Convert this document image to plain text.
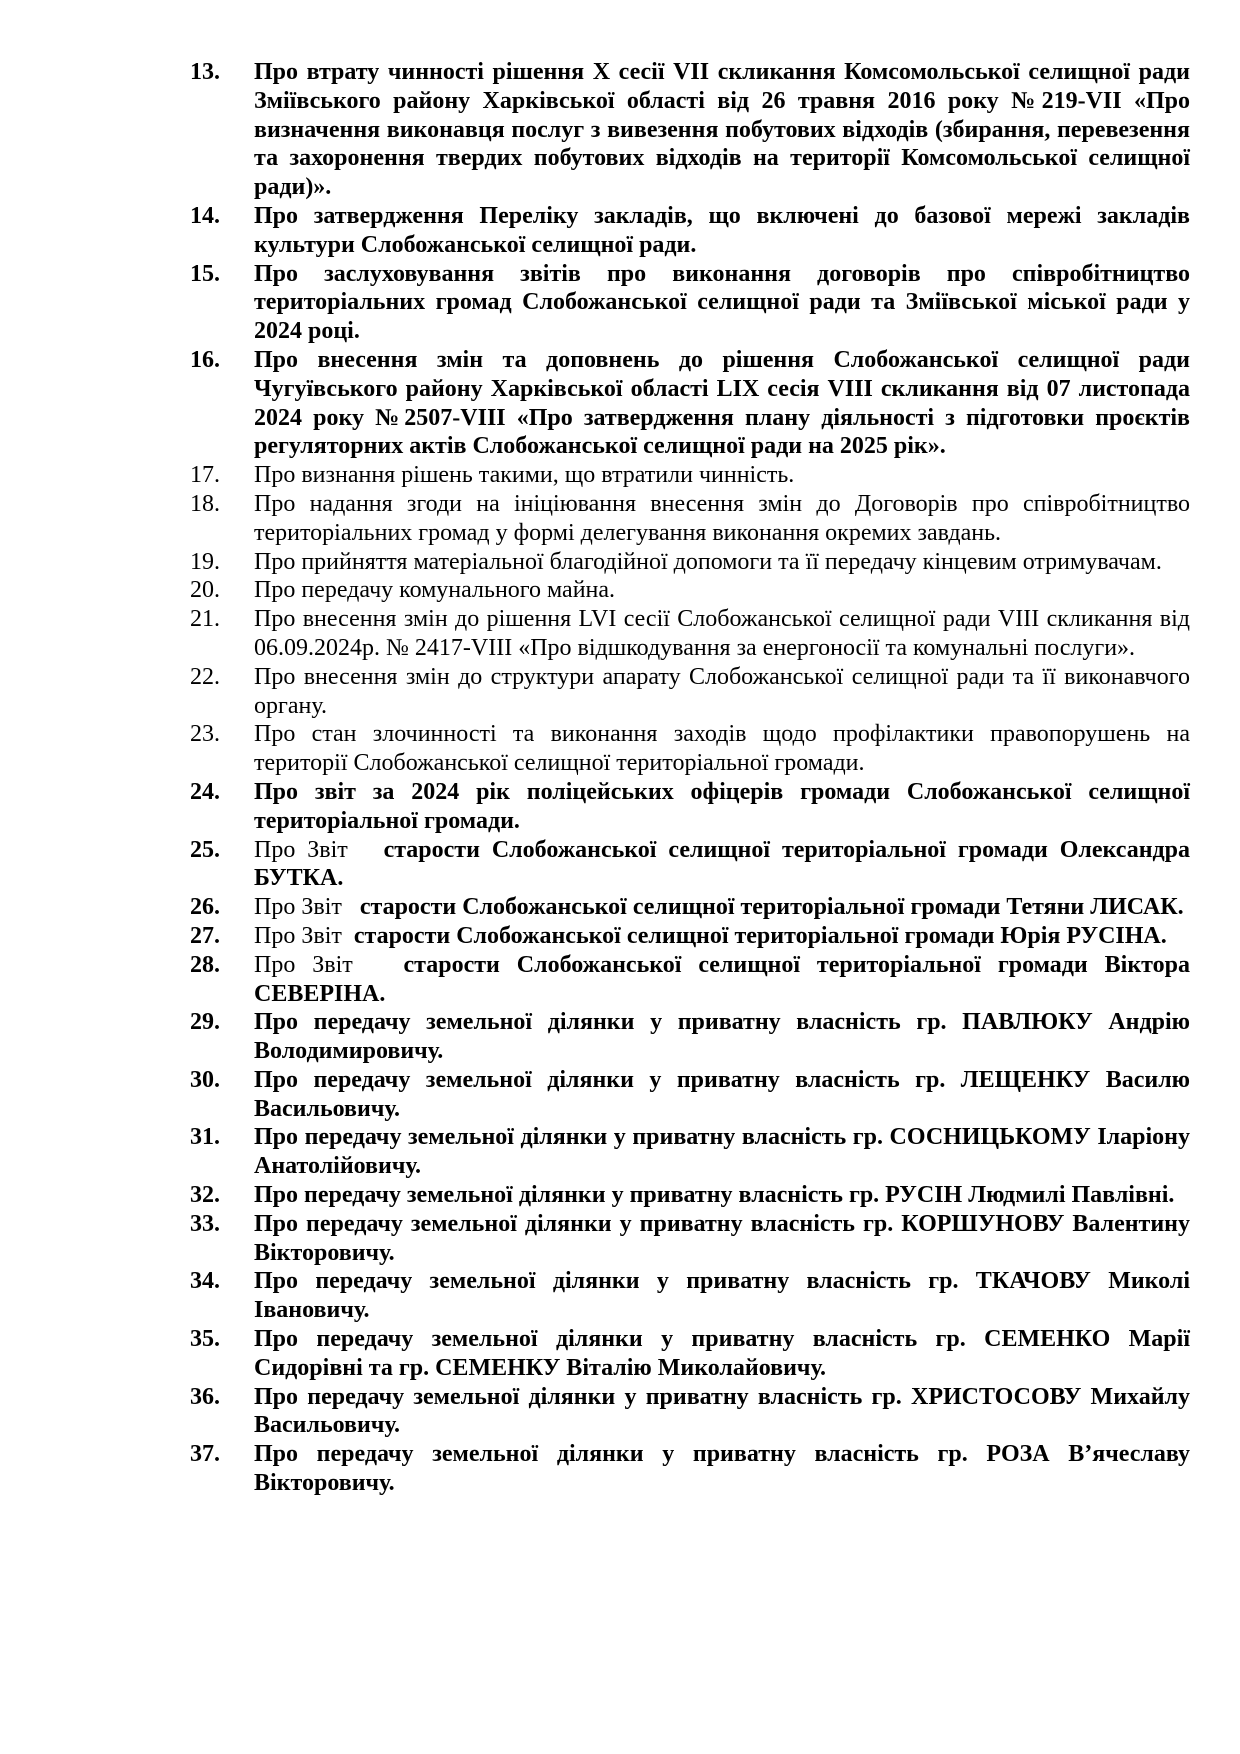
13.	Про втрату чинності рішення Х сесії VII скликання Комсомольської селищної ради Зміївського району Харківської області від 26 травня 2016 року №219-VII «Про визначення виконавця послуг з вивезення побутових відходів (збирання, перевезення та захоронення твердих побутових відходів на території Комсомольської селищної ради)».
14.	Про затвердження Переліку закладів, що включені до базової мережі закладів культури Слобожанської селищної ради.
15.	Про заслуховування звітів про виконання договорів про співробітництво територіальних громад Слобожанської селищної ради та Зміївської міської ради у 2024 році.
16.	Про внесення змін та доповнень до рішення Слобожанської селищної ради Чугуївського району Харківської області LIX сесія VIII скликання від 07 листопада 2024 року №2507-VIII «Про затвердження плану діяльності з підготовки проєктів регуляторних актів Слобожанської селищної ради на 2025 рік».
17.	Про визнання рішень такими, що втратили чинність.
18.	Про надання згоди на ініціювання внесення змін до Договорів про співробітництво територіальних громад у формі делегування виконання окремих завдань.
19.	Про прийняття матеріальної благодійної допомоги та її передачу кінцевим отримувачам.
20.	Про передачу комунального майна.
21.	Про внесення змін до рішення LVI сесії Слобожанської селищної ради VIII скликання від 06.09.2024р. № 2417-VIII «Про відшкодування за енергоносії та комунальні послуги».
22.	Про внесення змін до структури апарату Слобожанської селищної ради та її виконавчого органу.
23.	Про стан злочинності та виконання заходів щодо профілактики правопорушень на території Слобожанської селищної територіальної громади.
24.	Про звіт за 2024 рік поліцейських офіцерів громади Слобожанської селищної територіальної громади.
25.	Про Звіт старости Слобожанської селищної територіальної громади Олександра БУТКА.
26.	Про Звіт старости Слобожанської селищної територіальної громади Тетяни ЛИСАК.
27.	Про Звіт старости Слобожанської селищної територіальної громади Юрія РУСІНА.
28.	Про Звіт старости Слобожанської селищної територіальної громади Віктора СЕВЕРІНА.
29.	Про передачу земельної ділянки у приватну власність гр. ПАВЛЮКУ Андрію Володимировичу.
30.	Про передачу земельної ділянки у приватну власність гр. ЛЕЩЕНКУ Василю Васильовичу.
31.	Про передачу земельної ділянки у приватну власність гр. СОСНИЦЬКОМУ Іларіону Анатолійовичу.
32.	Про передачу земельної ділянки у приватну власність гр. РУСІН Людмилі Павлівні.
33.	Про передачу земельної ділянки у приватну власність гр. КОРШУНОВУ Валентину Вікторовичу.
34.	Про передачу земельної ділянки у приватну власність гр. ТКАЧОВУ Миколі Івановичу.
35.	Про передачу земельної ділянки у приватну власність гр. СЕМЕНКО Марії Сидорівні та гр. СЕМЕНКУ Віталію Миколайовичу.
36.	Про передачу земельної ділянки у приватну власність гр. ХРИСТОСОВУ Михайлу Васильовичу.
37.	Про передачу земельної ділянки у приватну власність гр. РОЗА В’ячеславу Вікторовичу.
